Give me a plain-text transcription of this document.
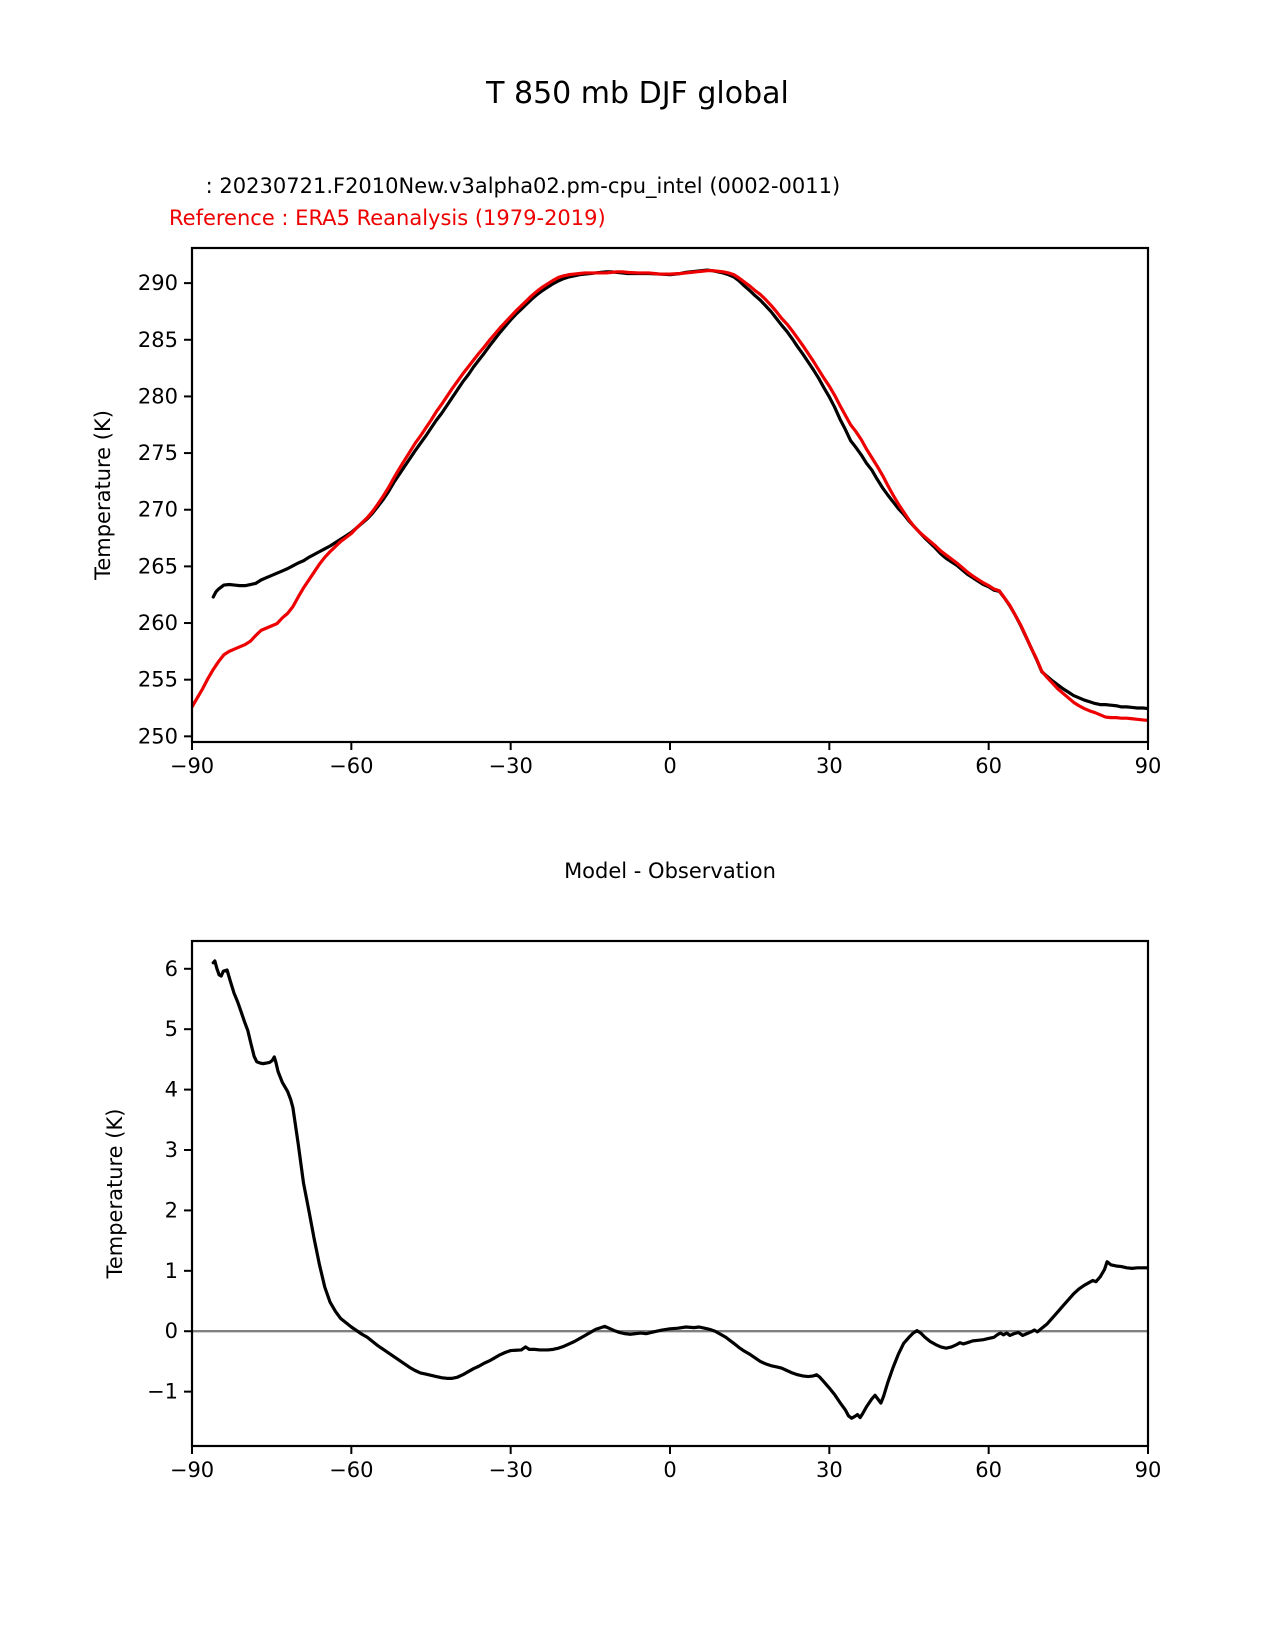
T 850 mb DJF global
: 20230721.F2010New.v3alpha02.pm-cpu_intel (0002-0011)
Reference : ERA5 Reanalysis (1979-2019)
−90	−60	−30	0	30	60	90
250
255
260
265
270
275
280
285
290
Temperature (K)
Model - Observation
−90	−60	−30	0	30	60	90
−1
0
1
2
3
4
5
6
Temperature (K)
